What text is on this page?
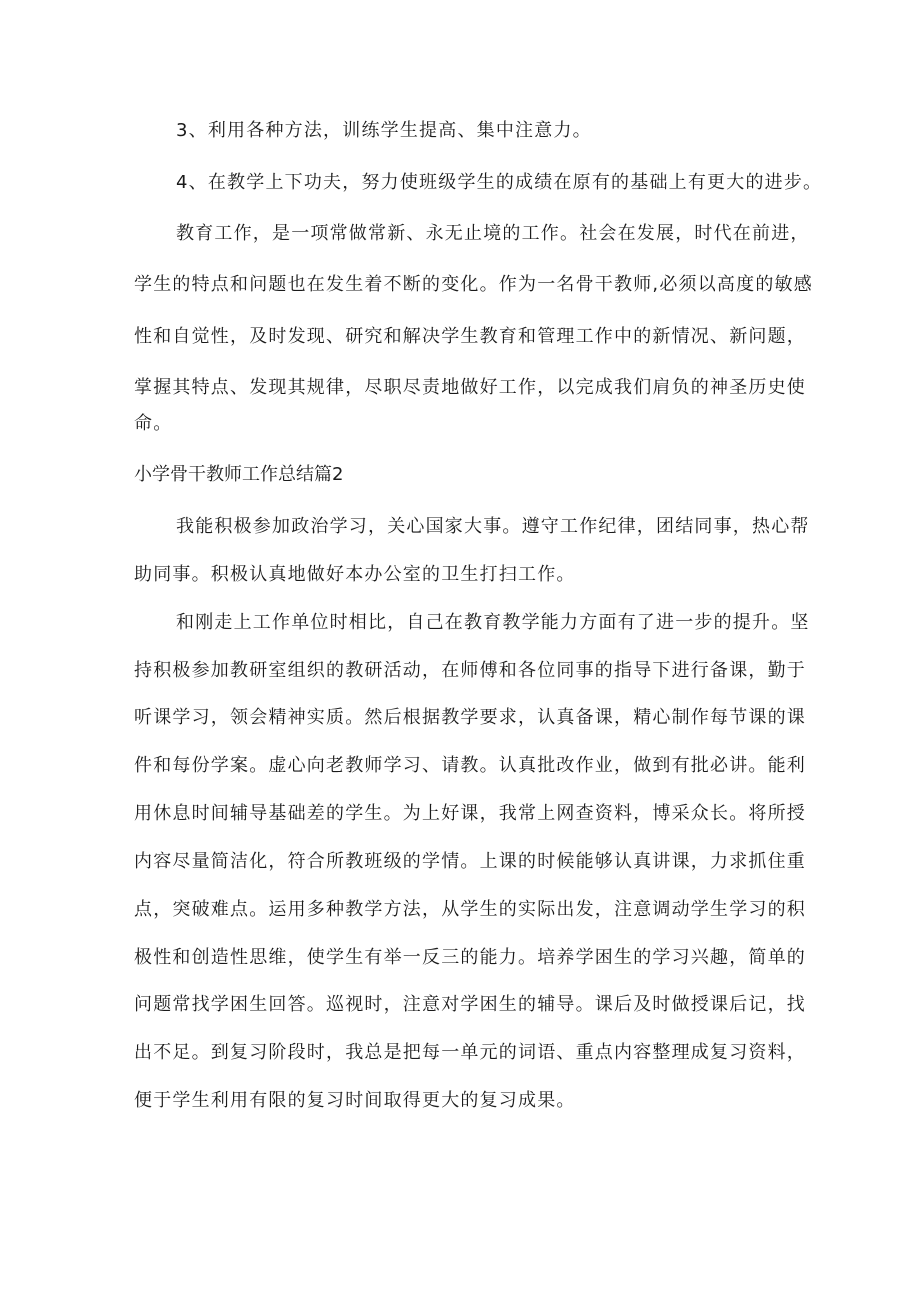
3、利用各种方法，训练学生提高、集中注意力。
4、在教学上下功夫，努力使班级学生的成绩在原有的基础上有更大的进步。
教育工作，是一项常做常新、永无止境的工作。社会在发展，时代在前进，
学生的特点和问题也在发生着不断的变化。作为一名骨干教师,必须以高度的敏感
性和自觉性，及时发现、研究和解决学生教育和管理工作中的新情况、新问题，
掌握其特点、发现其规律，尽职尽责地做好工作，以完成我们肩负的神圣历史使
命。
小学骨干教师工作总结篇2
我能积极参加政治学习，关心国家大事。遵守工作纪律，团结同事，热心帮
助同事。积极认真地做好本办公室的卫生打扫工作。
和刚走上工作单位时相比，自己在教育教学能力方面有了进一步的提升。坚
持积极参加教研室组织的教研活动，在师傅和各位同事的指导下进行备课，勤于
听课学习，领会精神实质。然后根据教学要求，认真备课，精心制作每节课的课
件和每份学案。虚心向老教师学习、请教。认真批改作业，做到有批必讲。能利
用休息时间辅导基础差的学生。为上好课，我常上网查资料，博采众长。将所授
内容尽量简洁化，符合所教班级的学情。上课的时候能够认真讲课，力求抓住重
点，突破难点。运用多种教学方法，从学生的实际出发，注意调动学生学习的积
极性和创造性思维，使学生有举一反三的能力。培养学困生的学习兴趣，简单的
问题常找学困生回答。巡视时，注意对学困生的辅导。课后及时做授课后记，找
出不足。到复习阶段时，我总是把每一单元的词语、重点内容整理成复习资料，
便于学生利用有限的复习时间取得更大的复习成果。
